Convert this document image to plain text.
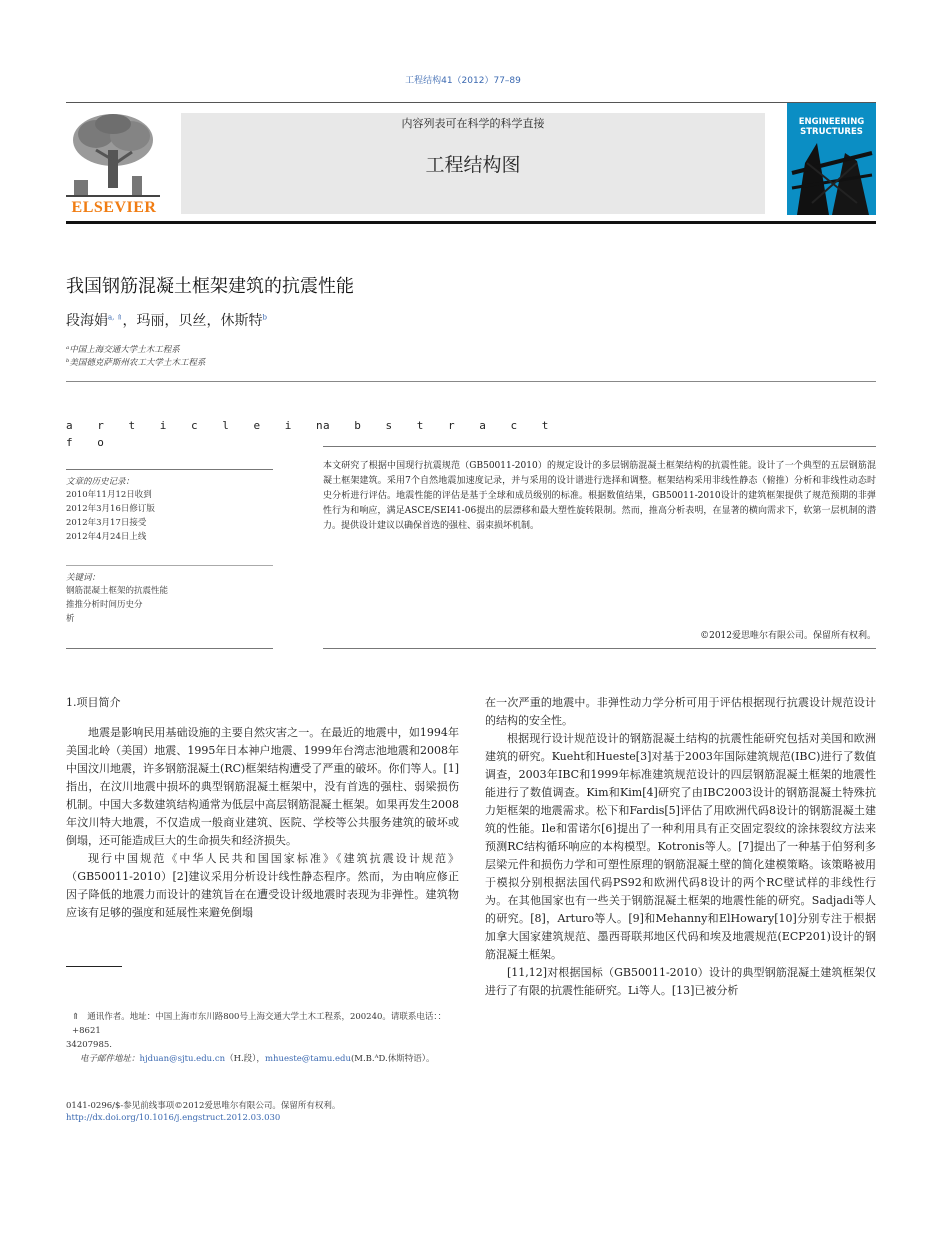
工程结构41（2012）77–89
ELSEVIER
内容列表可在科学的科学直接
工程结构图
ENGINEERING STRUCTURES
我国钢筋混凝土框架建筑的抗震性能
段海娟$^{a, ⇑}$，玛丽，贝丝，休斯特$^b$
ᵃ中国上海交通大学土木工程系
ᵇ美国德克萨斯州农工大学土木工程系
a r t i c l e i n
f o
文章的历史记录：
2010年11月12日收到
2012年3月16日修订版
2012年3月17日接受
2012年4月24日上线
关键词：
钢筋混凝土框架的抗震性能
推推分析时间历史分
析
a b s t r a c t
本文研究了根据中国现行抗震规范（GB50011-2010）的规定设计的多层钢筋混凝土框架结构的抗震性能。设计了一个典型的五层钢筋混凝土框架建筑。采用7个自然地震加速度记录，并与采用的设计谱进行选择和调整。框架结构采用非线性静态（俯推）分析和非线性动态时史分析进行评估。地震性能的评估是基于全球和成员级别的标准。根据数值结果，GB50011-2010设计的建筑框架提供了规范预期的非弹性行为和响应，满足ASCE/SEI41-06提出的层漂移和最大塑性旋转限制。然而，推高分析表明，在显著的横向需求下，软第一层机制的潜力。提供设计建议以确保首选的强柱、弱束损坏机制。
©2012爱思唯尔有限公司。保留所有权利。
1.项目简介

地震是影响民用基础设施的主要自然灾害之一。在最近的地震中，如1994年美国北岭（美国）地震、1995年日本神户地震、1999年台湾志池地震和2008年中国汶川地震，许多钢筋混凝土(RC)框架结构遭受了严重的破坏。你们等人。[1]指出，在汶川地震中损坏的典型钢筋混凝土框架中，没有首选的强柱、弱梁损伤机制。中国大多数建筑结构通常为低层中高层钢筋混凝土框架。如果再发生2008年汶川特大地震，不仅造成一般商业建筑、医院、学校等公共服务建筑的破坏或倒塌，还可能造成巨大的生命损失和经济损失。

现行中国规范《中华人民共和国国家标准》《建筑抗震设计规范》（GB50011-2010）[2]建议采用分析设计线性静态程序。然而，为由响应修正因子降低的地震力而设计的建筑旨在在遭受设计级地震时表现为非弹性。建筑物应该有足够的强度和延展性来避免倒塌

在一次严重的地震中。非弹性动力学分析可用于评估根据现行抗震设计规范设计的结构的安全性。

根据现行设计规范设计的钢筋混凝土结构的抗震性能研究包括对美国和欧洲建筑的研究。Kueht和Hueste[3]对基于2003年国际建筑规范(IBC)进行了数值调查，2003年IBC和1999年标准建筑规范设计的四层钢筋混凝土框架的地震性能进行了数值调查。Kim和Kim[4]研究了由IBC2003设计的钢筋混凝土特殊抗力矩框架的地震需求。松下和Fardis[5]评估了用欧洲代码8设计的钢筋混凝土建筑的性能。Ile和雷诺尔[6]提出了一种利用具有正交固定裂纹的涂抹裂纹方法来预测RC结构循环响应的本构模型。Kotronis等人。[7]提出了一种基于伯努利多层梁元件和损伤力学和可塑性原理的钢筋混凝土壁的简化建模策略。该策略被用于模拟分别根据法国代码PS92和欧洲代码8设计的两个RC壁试样的非线性行为。在其他国家也有一些关于钢筋混凝土框架的地震性能的研究。Sadjadi等人的研究。[8]，Arturo等人。[9]和Mehanny和ElHowary[10]分别专注于根据加拿大国家建筑规范、墨西哥联邦地区代码和埃及地震规范(ECP201)设计的钢筋混凝土框架。

[11,12]对根据国标（GB50011-2010）设计的典型钢筋混凝土建筑框架仅进行了有限的抗震性能研究。Li等人。[13]已被分析

⇑ 通讯作者。地址：中国上海市东川路800号上海交通大学土木工程系，200240。请联系电话：：+8621
34207985.
电子邮件地址：hjduan@sjtu.edu.cn（H.段），mhueste@tamu.edu(M.B.ᴬD.休斯特语）。
0141-0296/$-参见前线事项©2012爱思唯尔有限公司。保留所有权利。
http://dx.doi.org/10.1016/j.engstruct.2012.03.030
